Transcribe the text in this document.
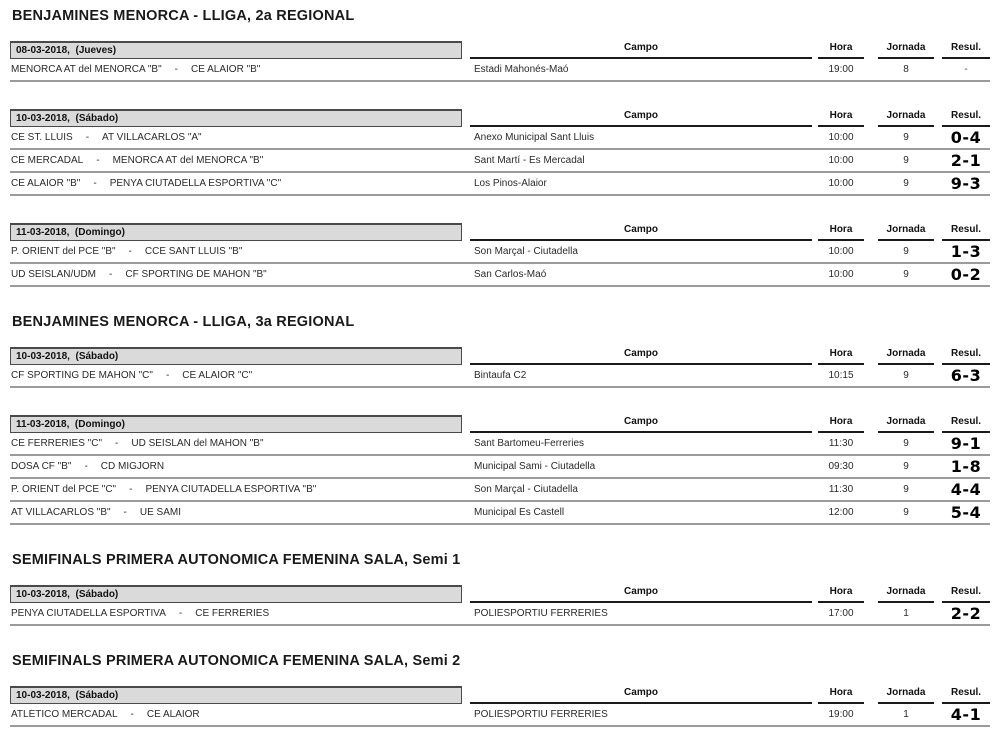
BENJAMINES MENORCA - LLIGA, 2a REGIONAL
08-03-2018,  (Jueves)	Campo	Hora	Jornada	Resul.
MENORCA AT del MENORCA "B" - CE ALAIOR "B"	Estadi Mahonés-Maó	19:00	8	-
10-03-2018,  (Sábado)	Campo	Hora	Jornada	Resul.
CE ST. LLUIS - AT VILLACARLOS "A"	Anexo Municipal Sant Lluis	10:00	9	0-4
CE MERCADAL - MENORCA AT del MENORCA "B"	Sant Martí - Es Mercadal	10:00	9	2-1
CE ALAIOR "B" - PENYA CIUTADELLA ESPORTIVA "C"	Los Pinos-Alaior	10:00	9	9-3
11-03-2018,  (Domingo)	Campo	Hora	Jornada	Resul.
P. ORIENT del PCE "B" - CCE SANT LLUÍS "B"	Son Marçal - Ciutadella	10:00	9	1-3
UD SEISLAN/UDM - CF SPORTING DE MAHON "B"	San Carlos-Maó	10:00	9	0-2
BENJAMINES MENORCA - LLIGA, 3a REGIONAL
10-03-2018,  (Sábado)	Campo	Hora	Jornada	Resul.
CF SPORTING DE MAHON "C" - CE ALAIOR "C"	Bintaufa C2	10:15	9	6-3
11-03-2018,  (Domingo)	Campo	Hora	Jornada	Resul.
CE FERRERIES "C" - UD SEISLAN del MAHON "B"	Sant Bartomeu-Ferreries	11:30	9	9-1
DOSA CF "B" - CD MIGJORN	Municipal Sami - Ciutadella	09:30	9	1-8
P. ORIENT del PCE "C" - PENYA CIUTADELLA ESPORTIVA "B"	Son Marçal - Ciutadella	11:30	9	4-4
AT VILLACARLOS "B" - UE SAMI	Municipal Es Castell	12:00	9	5-4
SEMIFINALS PRIMERA AUTONOMICA FEMENINA SALA, Semi 1
10-03-2018,  (Sábado)	Campo	Hora	Jornada	Resul.
PENYA CIUTADELLA ESPORTIVA - CE FERRERIES	POLIESPORTIU FERRERIES	17:00	1	2-2
SEMIFINALS PRIMERA AUTONOMICA FEMENINA SALA, Semi 2
10-03-2018,  (Sábado)	Campo	Hora	Jornada	Resul.
ATLÉTICO MERCADAL - CE ALAIOR	POLIESPORTIU FERRERIES	19:00	1	4-1
